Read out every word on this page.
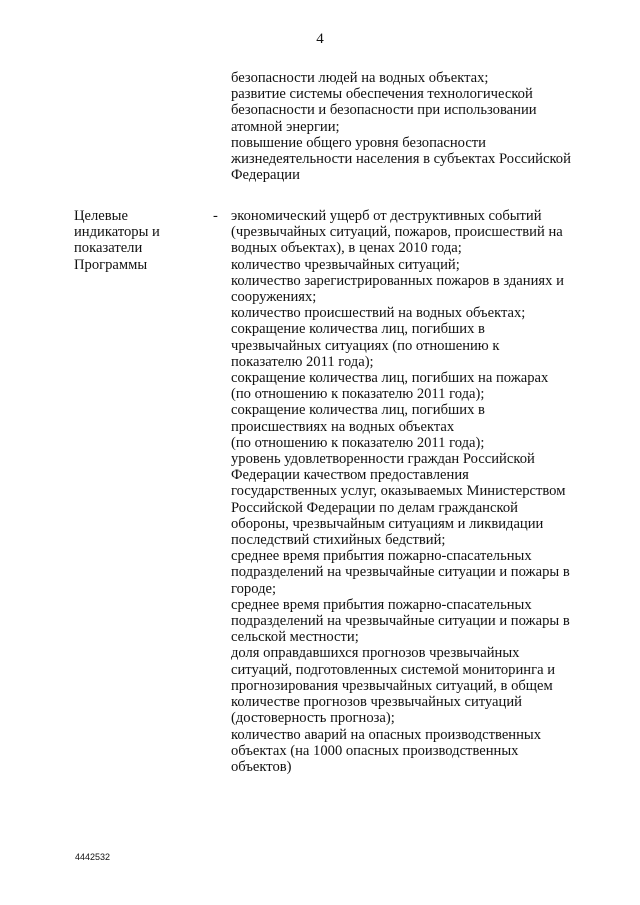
4
безопасности людей на водных объектах;
развитие системы обеспечения технологической безопасности и безопасности при использовании атомной энергии;
повышение общего уровня безопасности жизнедеятельности населения в субъектах Российской Федерации
Целевые
индикаторы и
показатели
Программы
- экономический ущерб от деструктивных событий (чрезвычайных ситуаций, пожаров, происшествий на водных объектах), в ценах 2010 года;
количество чрезвычайных ситуаций;
количество зарегистрированных пожаров в зданиях и сооружениях;
количество происшествий на водных объектах;
сокращение количества лиц, погибших в чрезвычайных ситуациях (по отношению к показателю 2011 года);
сокращение количества лиц, погибших на пожарах (по отношению к показателю 2011 года);
сокращение количества лиц, погибших в происшествиях на водных объектах
(по отношению к показателю 2011 года);
уровень удовлетворенности граждан Российской Федерации качеством предоставления государственных услуг, оказываемых Министерством Российской Федерации по делам гражданской обороны, чрезвычайным ситуациям и ликвидации последствий стихийных бедствий;
среднее время прибытия пожарно-спасательных подразделений на чрезвычайные ситуации и пожары в городе;
среднее время прибытия пожарно-спасательных подразделений на чрезвычайные ситуации и пожары в сельской местности;
доля оправдавшихся прогнозов чрезвычайных ситуаций, подготовленных системой мониторинга и прогнозирования чрезвычайных ситуаций, в общем количестве прогнозов чрезвычайных ситуаций (достоверность прогноза);
количество аварий на опасных производственных объектах (на 1000 опасных производственных объектов)
4442532
